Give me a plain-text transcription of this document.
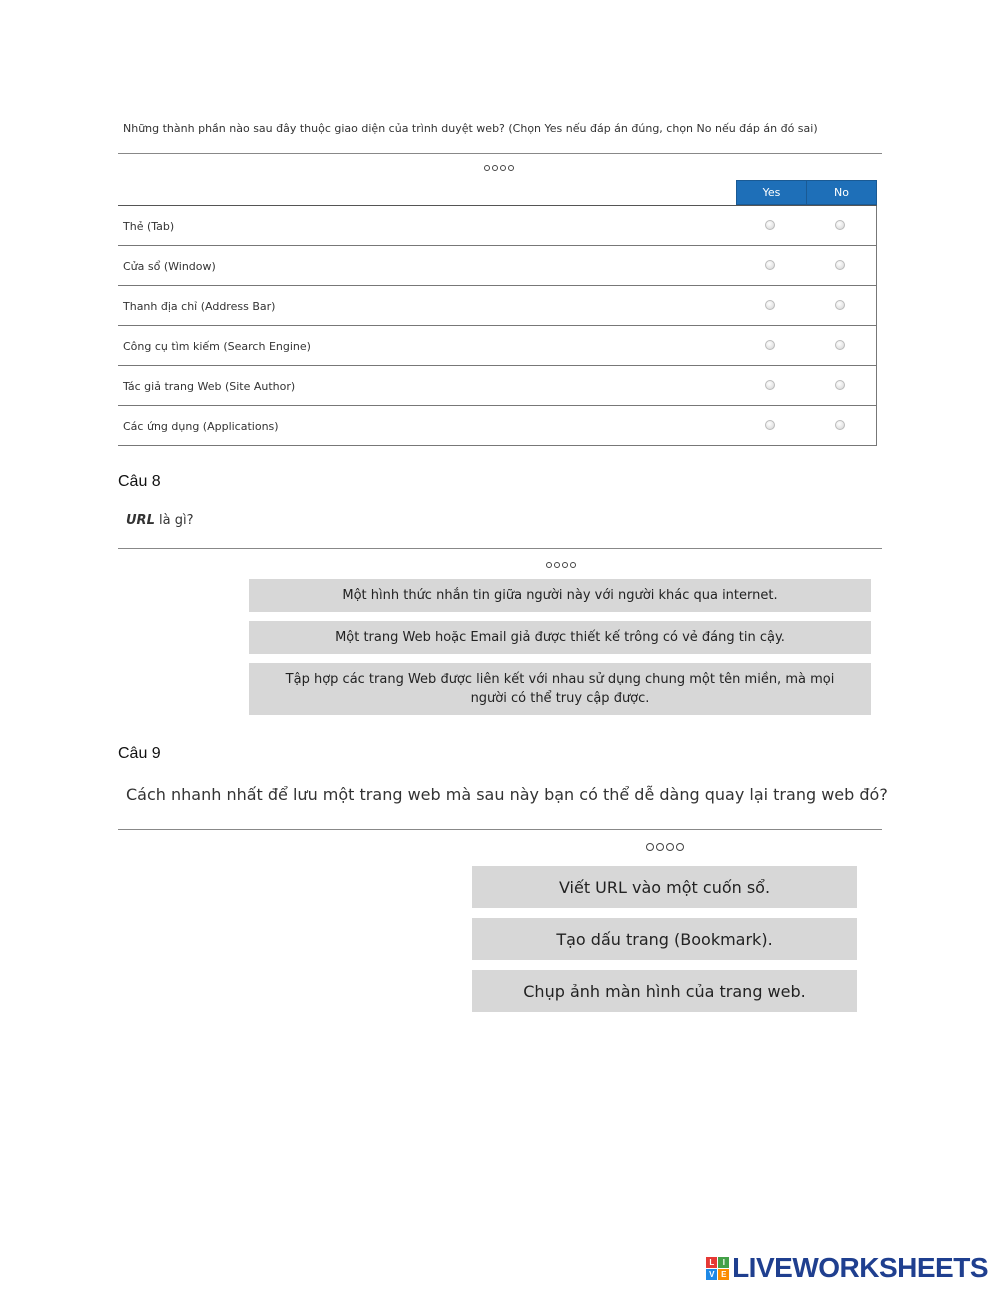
Những thành phần nào sau đây thuộc giao diện của trình duyệt web? (Chọn Yes nếu đáp án đúng, chọn No nếu đáp án đó sai)
Yes	No
Thẻ (Tab)
Cửa sổ (Window)
Thanh địa chỉ (Address Bar)
Công cụ tìm kiếm (Search Engine)
Tác giả trang Web (Site Author)
Các ứng dụng (Applications)
Câu 8
URL là gì?
Một hình thức nhắn tin giữa người này với người khác qua internet.
Một trang Web hoặc Email giả được thiết kế trông có vẻ đáng tin cậy.
Tập hợp các trang Web được liên kết với nhau sử dụng chung một tên miền, mà mọi người có thể truy cập được.
Câu 9
Cách nhanh nhất để lưu một trang web mà sau này bạn có thể dễ dàng quay lại trang web đó?
Viết URL vào một cuốn sổ.
Tạo dấu trang (Bookmark).
Chụp ảnh màn hình của trang web.
L	I
V E LIVEWORKSHEETS
